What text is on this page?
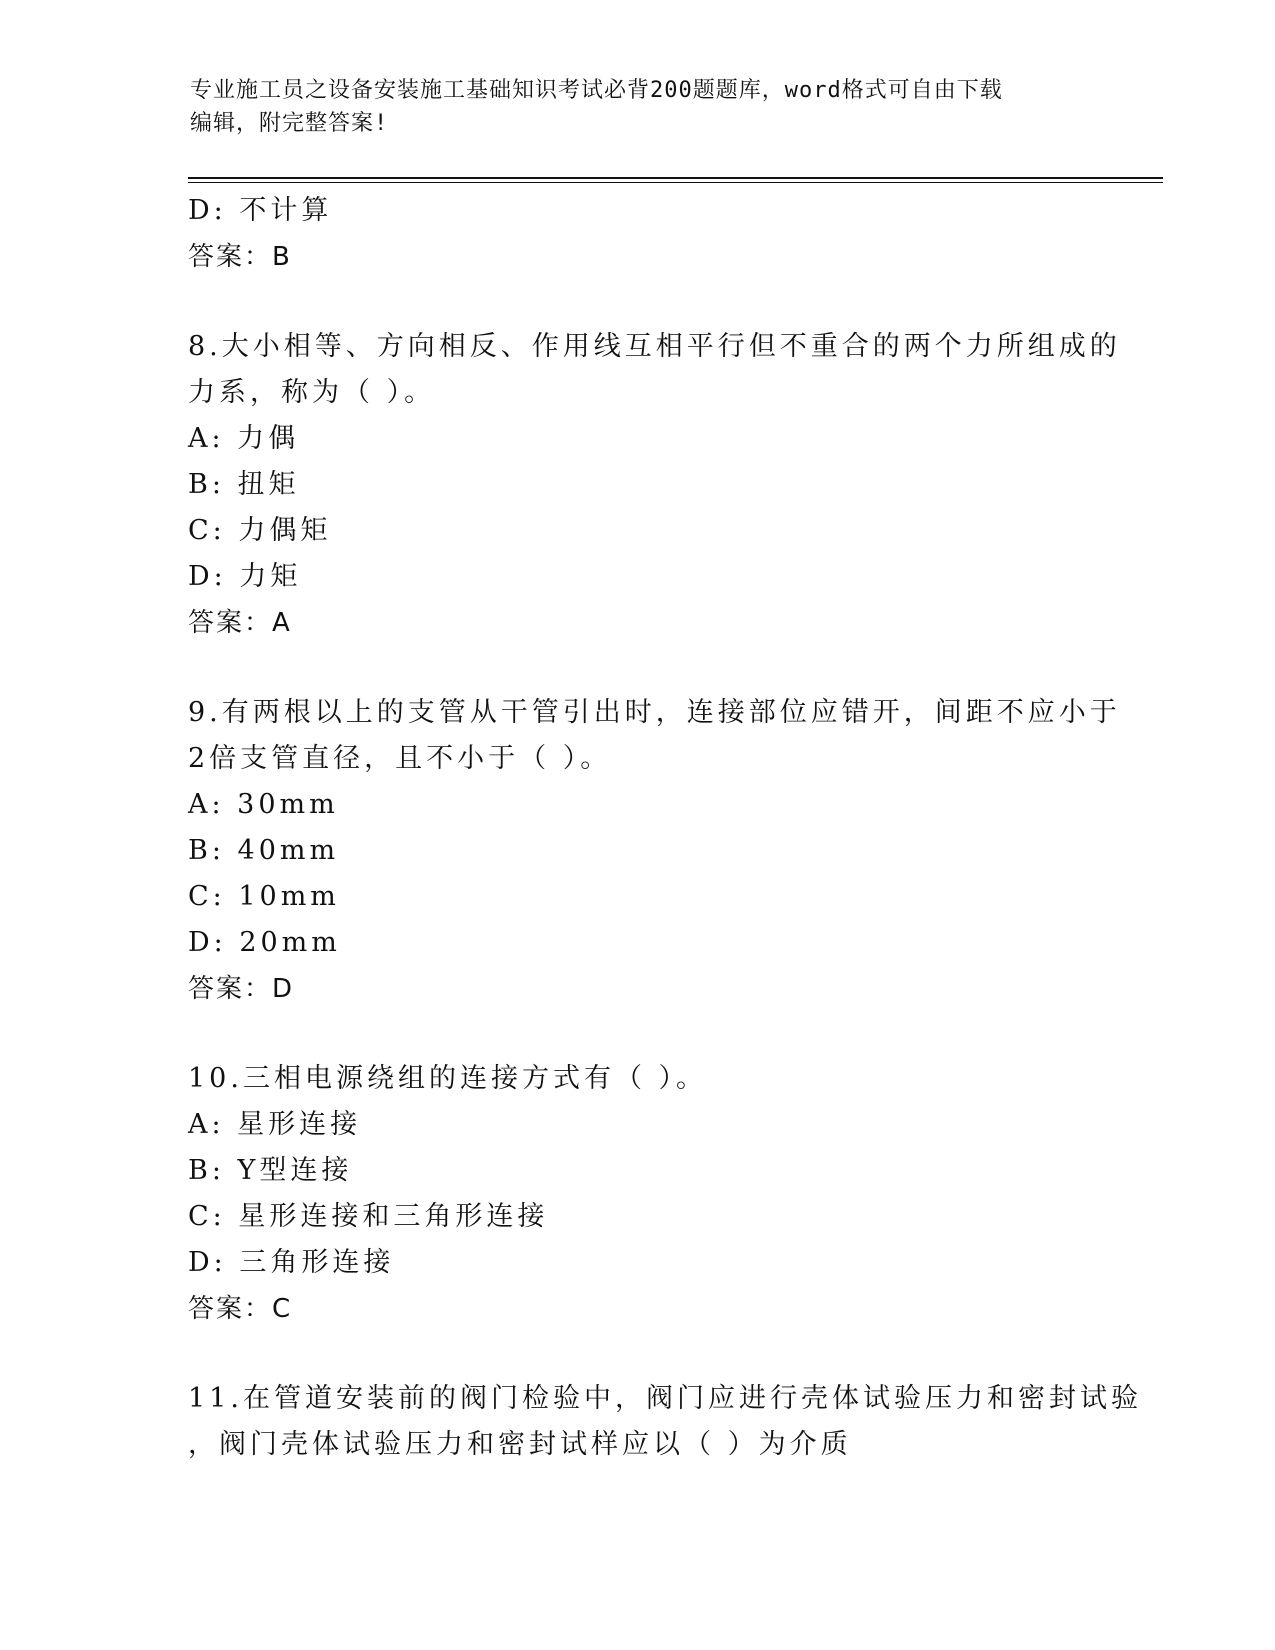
专业施工员之设备安装施工基础知识考试必背200题题库，word格式可自由下载
编辑，附完整答案!
D: 不计算
答案：B
8.大小相等、方向相反、作用线互相平行但不重合的两个力所组成的
力系，称为（ ）。
A: 力偶
B: 扭矩
C: 力偶矩
D: 力矩
答案：A
9.有两根以上的支管从干管引出时，连接部位应错开，间距不应小于
2倍支管直径，且不小于（ ）。
A: 30mm
B: 40mm
C: 10mm
D: 20mm
答案：D
10.三相电源绕组的连接方式有（ ）。
A: 星形连接
B: Y型连接
C: 星形连接和三角形连接
D: 三角形连接
答案：C
11.在管道安装前的阀门检验中，阀门应进行壳体试验压力和密封试验
，阀门壳体试验压力和密封试样应以（ ）为介质
